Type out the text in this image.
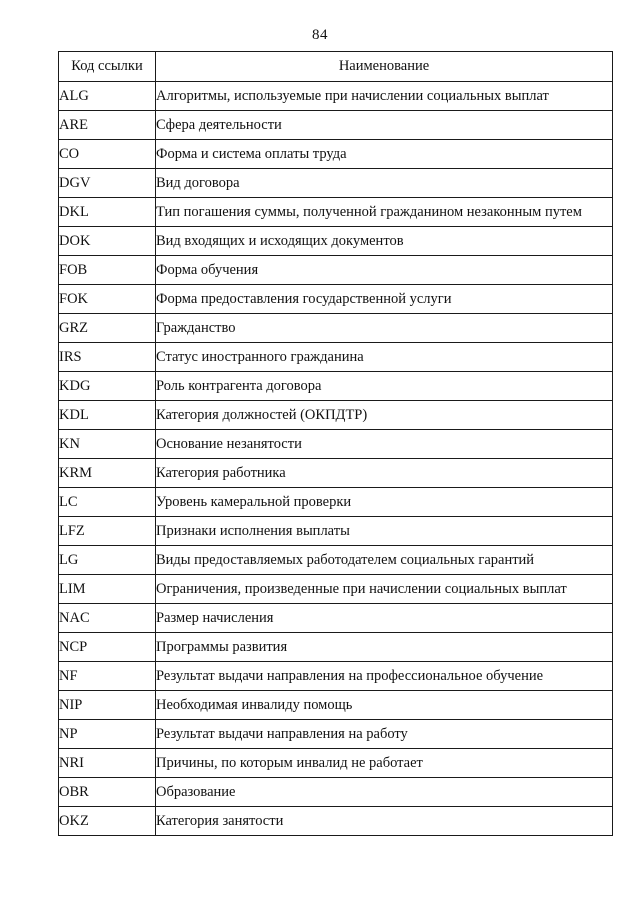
84
Код ссылки	Наименование
ALG	Алгоритмы, используемые при начислении социальных выплат
ARE	Сфера деятельности
CO	Форма и система оплаты труда
DGV	Вид договора
DKL	Тип погашения суммы, полученной гражданином незаконным путем
DOK	Вид входящих и исходящих документов
FOB	Форма обучения
FOK	Форма предоставления государственной услуги
GRZ	Гражданство
IRS	Статус иностранного гражданина
KDG	Роль контрагента договора
KDL	Категория должностей (ОКПДТР)
KN	Основание незанятости
KRM	Категория работника
LC	Уровень камеральной проверки
LFZ	Признаки исполнения выплаты
LG	Виды предоставляемых работодателем социальных гарантий
LIM	Ограничения, произведенные при начислении социальных выплат
NAC	Размер начисления
NCP	Программы развития
NF	Результат выдачи направления на профессиональное обучение
NIP	Необходимая инвалиду помощь
NP	Результат выдачи направления на работу
NRI	Причины, по которым инвалид не работает
OBR	Образование
OKZ	Категория занятости
